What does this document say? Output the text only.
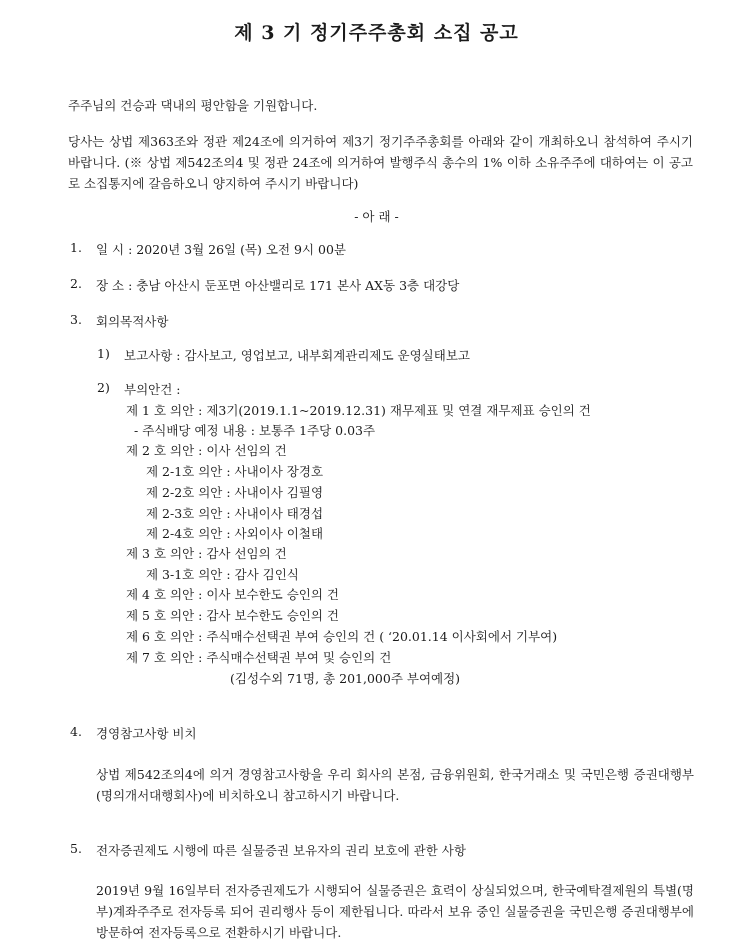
제 3 기 정기주주총회 소집 공고
주주님의 건승과 댁내의 평안함을 기원합니다.
당사는 상법 제363조와 정관 제24조에 의거하여 제3기 정기주주총회를 아래와 같이 개최하오니 참석하여 주시기 바랍니다. (※ 상법 제542조의4 및 정관 24조에 의거하여 발행주식 총수의 1% 이하 소유주주에 대하여는 이 공고로 소집통지에 갈음하오니 양지하여 주시기 바랍니다)
- 아 래 -
1. 일 시 : 2020년 3월 26일 (목) 오전 9시 00분
2. 장 소 : 충남 아산시 둔포면 아산밸리로 171 본사 AX동 3층 대강당
3. 회의목적사항
1) 보고사항 : 감사보고, 영업보고, 내부회계관리제도 운영실태보고
2) 부의안건 :
제 1 호 의안 : 제3기(2019.1.1~2019.12.31) 재무제표 및 연결 재무제표 승인의 건
- 주식배당 예정 내용 : 보통주 1주당 0.03주
제 2 호 의안 : 이사 선임의 건
제 2-1호 의안 : 사내이사 장경호
제 2-2호 의안 : 사내이사 김필영
제 2-3호 의안 : 사내이사 태경섭
제 2-4호 의안 : 사외이사 이철태
제 3 호 의안 : 감사 선임의 건
제 3-1호 의안 : 감사 김인식
제 4 호 의안 : 이사 보수한도 승인의 건
제 5 호 의안 : 감사 보수한도 승인의 건
제 6 호 의안 : 주식매수선택권 부여 승인의 건 ( ‘20.01.14 이사회에서 기부여)
제 7 호 의안 : 주식매수선택권 부여 및 승인의 건
(김성수외 71명, 총 201,000주 부여예정)
4. 경영참고사항 비치
상법 제542조의4에 의거 경영참고사항을 우리 회사의 본점, 금융위원회, 한국거래소 및 국민은행 증권대행부(명의개서대행회사)에 비치하오니 참고하시기 바랍니다.
5. 전자증권제도 시행에 따른 실물증권 보유자의 권리 보호에 관한 사항
2019년 9월 16일부터 전자증권제도가 시행되어 실물증권은 효력이 상실되었으며, 한국예탁결제원의 특별(명부)계좌주주로 전자등록 되어 권리행사 등이 제한됩니다. 따라서 보유 중인 실물증권을 국민은행 증권대행부에 방문하여 전자등록으로 전환하시기 바랍니다.
